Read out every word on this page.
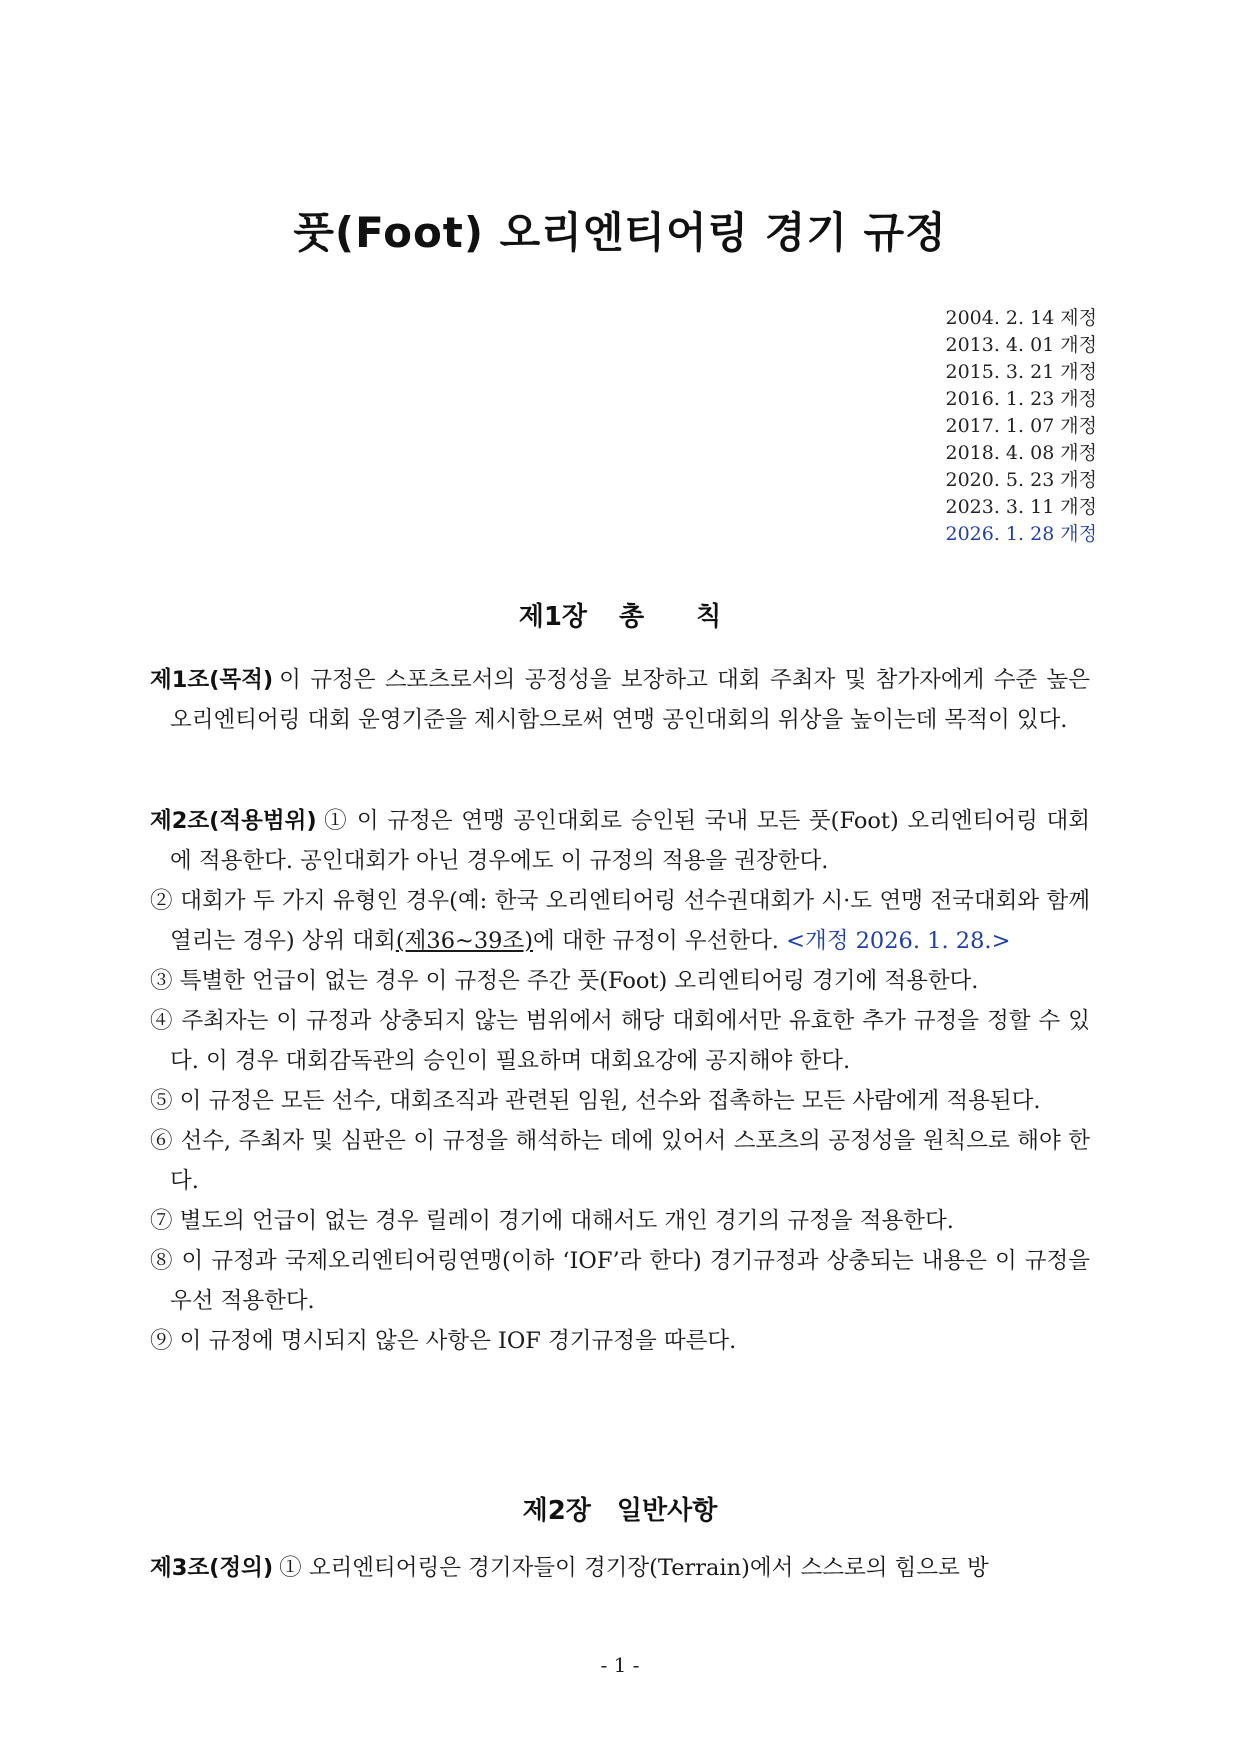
풋(Foot) 오리엔티어링 경기 규정
2004. 2. 14 제정
2013. 4. 01 개정
2015. 3. 21 개정
2016. 1. 23 개정
2017. 1. 07 개정
2018. 4. 08 개정
2020. 5. 23 개정
2023. 3. 11 개정
2026. 1. 28 개정
제1장 총　　칙

제1조(목적) 이 규정은 스포츠로서의 공정성을 보장하고 대회 주최자 및 참가자에게 수준 높은 오리엔티어링 대회 운영기준을 제시함으로써 연맹 공인대회의 위상을 높이는데 목적이 있다.

제2조(적용범위) ① 이 규정은 연맹 공인대회로 승인된 국내 모든 풋(Foot) 오리엔티어링 대회에 적용한다. 공인대회가 아닌 경우에도 이 규정의 적용을 권장한다.

② 대회가 두 가지 유형인 경우(예: 한국 오리엔티어링 선수권대회가 시·도 연맹 전국대회와 함께 열리는 경우) 상위 대회(제36~39조)에 대한 규정이 우선한다. <개정 2026. 1. 28.>

③ 특별한 언급이 없는 경우 이 규정은 주간 풋(Foot) 오리엔티어링 경기에 적용한다.

④ 주최자는 이 규정과 상충되지 않는 범위에서 해당 대회에서만 유효한 추가 규정을 정할 수 있다. 이 경우 대회감독관의 승인이 필요하며 대회요강에 공지해야 한다.

⑤ 이 규정은 모든 선수, 대회조직과 관련된 임원, 선수와 접촉하는 모든 사람에게 적용된다.

⑥ 선수, 주최자 및 심판은 이 규정을 해석하는 데에 있어서 스포츠의 공정성을 원칙으로 해야 한다.

⑦ 별도의 언급이 없는 경우 릴레이 경기에 대해서도 개인 경기의 규정을 적용한다.

⑧ 이 규정과 국제오리엔티어링연맹(이하 ‘IOF’라 한다) 경기규정과 상충되는 내용은 이 규정을 우선 적용한다.

⑨ 이 규정에 명시되지 않은 사항은 IOF 경기규정을 따른다.

제2장 일반사항

제3조(정의) ① 오리엔티어링은 경기자들이 경기장(Terrain)에서 스스로의 힘으로 방

- 1 -
